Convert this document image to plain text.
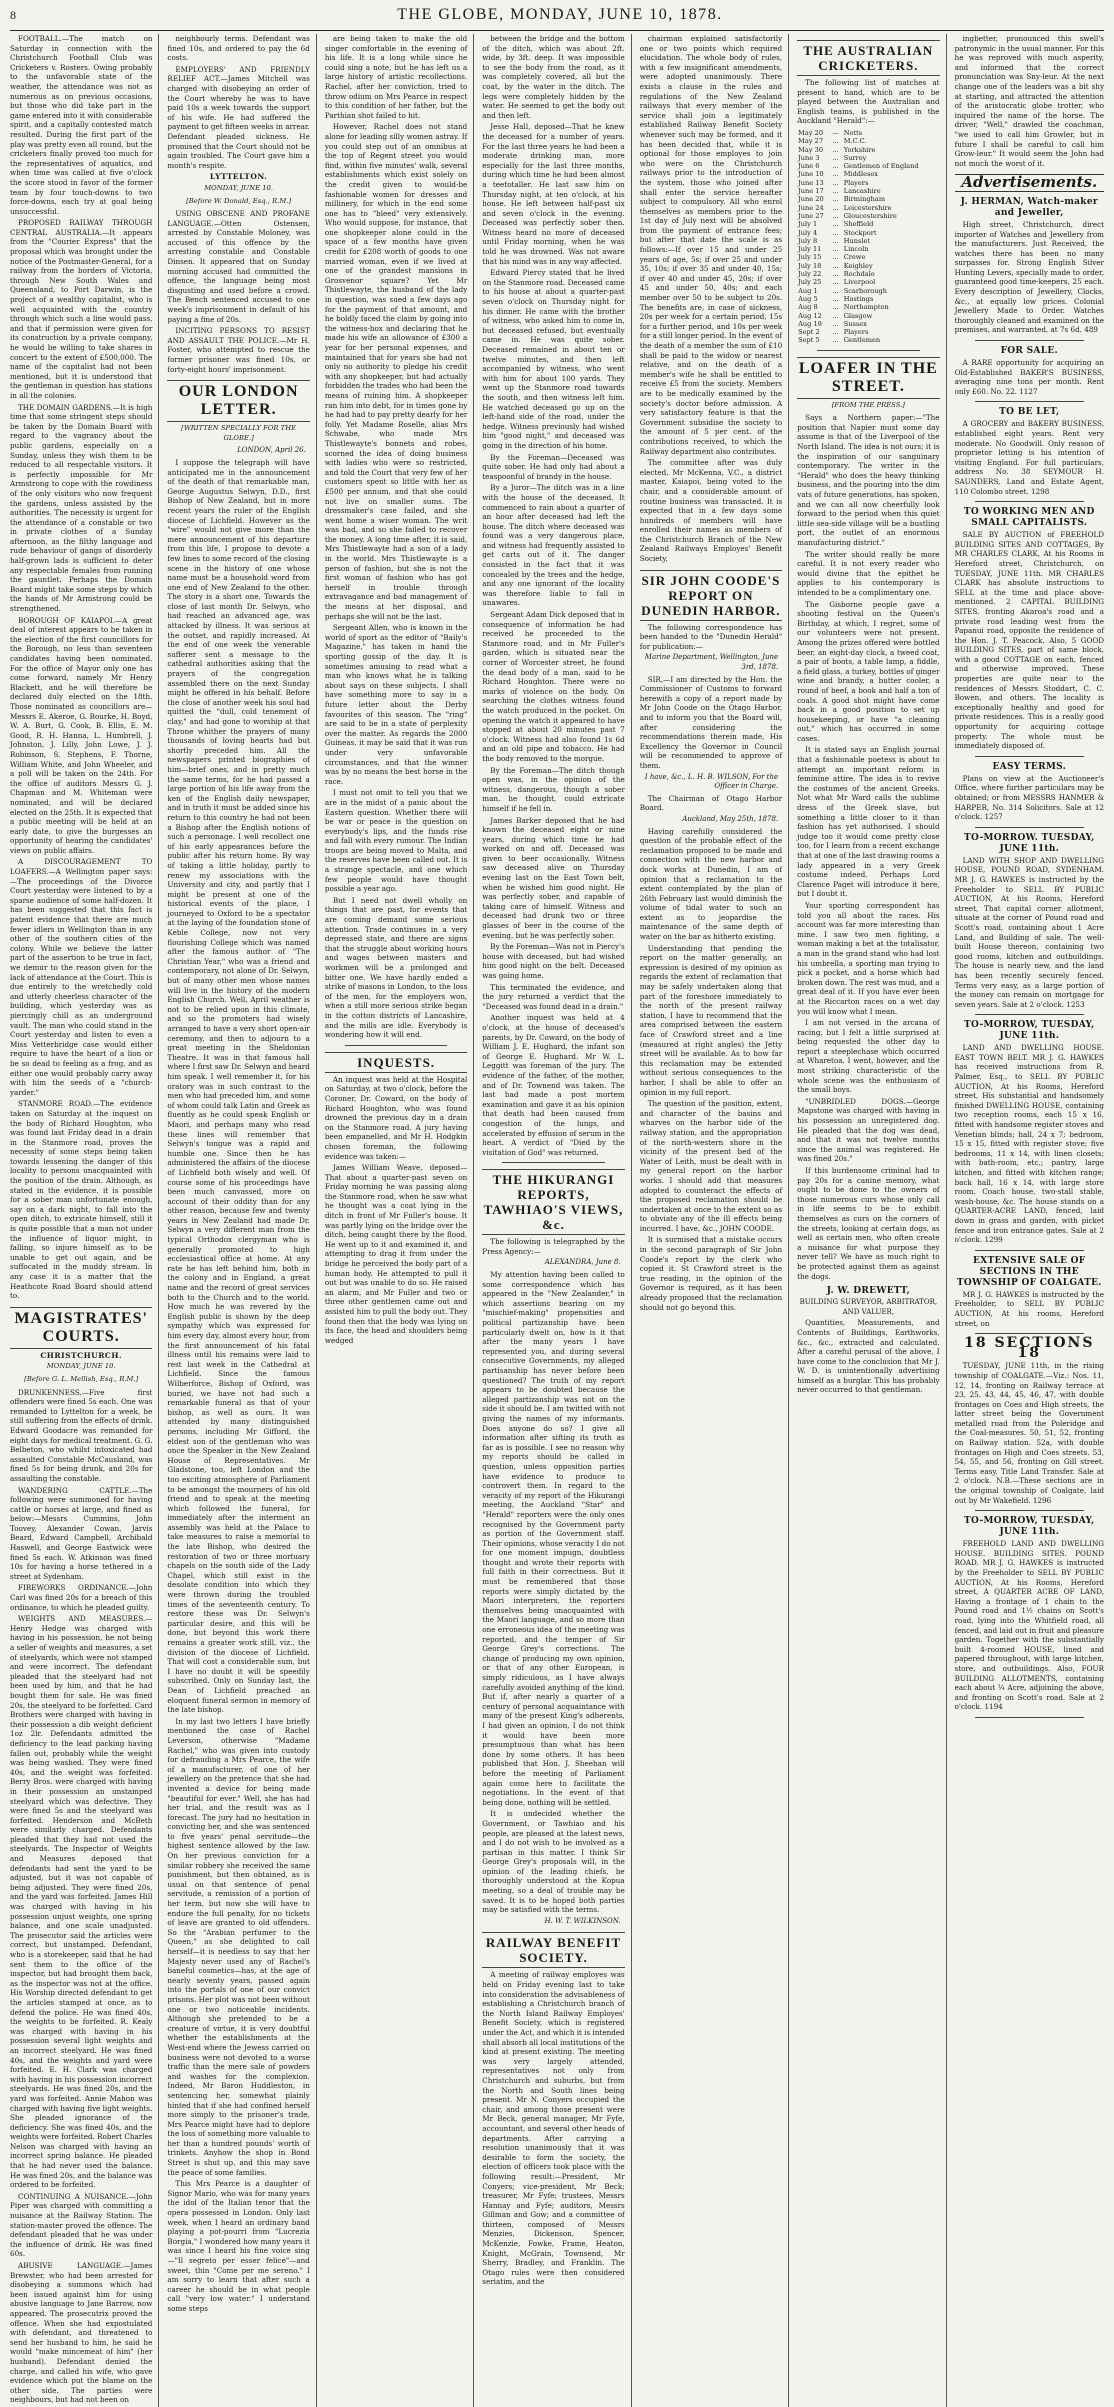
8	THE GLOBE, MONDAY, JUNE 10, 1878.

FOOTBALL.—The match on Saturday in connection with the Christchurch Football Club was Cricketers v. Rosters. Owing probably to the unfavorable state of the weather, the attendance was not as numerous as on previous occasions, but those who did take part in the game entered into it with considerable spirit, and a capitally contested match resulted. During the first part of the play was pretty even all round, but the cricketers finally proved too much for the representatives of aquatics, and when time was called at five o'clock the score stood in favor of the former team by four touch-downs to two force-downs, each try at goal being unsuccessful.

PROPOSED RAILWAY THROUGH CENTRAL AUSTRALIA.—It appears from the "Courier Express" that the proposal which was brought under the notice of the Postmaster-General, for a railway from the borders of Victoria, through New South Wales and Queensland, to Port Darwin, is the project of a wealthy capitalist, who is well acquainted with the country through which such a line would pass, and that if permission were given for its construction by a private company, he would be willing to take shares in concert to the extent of £500,000. The name of the capitalist had not been mentioned, but it is understood that the gentleman in question has stations in all the colonies.

THE DOMAIN GARDENS.—It is high time that some stringent steps should be taken by the Domain Board with regard to the vagrancy about the public gardens, especially on a Sunday, unless they wish them to be reduced to all respectable visitors. It is perfectly impossible for Mr Armstrong to cope with the rowdiness of the only visitors who now frequent the gardens, unless assisted by the authorities. The necessity is urgent for the attendance of a constable or two in private clothes of a Sunday afternoon, as the filthy language and rude behaviour of gangs of disorderly half-grown lads is sufficient to deter any respectable females from running the gauntlet. Perhaps the Domain Board might take some steps by which the hands of Mr Armstrong could be strengthened.

BOROUGH OF KAIAPOI.—A great deal of interest appears to be taken in the election of the first councillors for the Borough, no less than seventeen candidates having been nominated. For the office of Mayor only one has come forward, namely Mr Henry Blackett, and he will therefore be declared duly elected on the 18th. Those nominated as councillors are—Messrs E. Akeroe, G. Bourke, H. Boyd, W. A. Burt, G. Cook, B. Ellis, E. M. Good, R. H. Hanna, L. Humbrell, J. Johnston, J. Lilly, John Lowe, J. J. Robinson, S. Stephens, F. Thorne, William White, and John Wheeler, and a poll will be taken on the 24th. For the office of auditors Messrs G. J. Chapman and M. Whiteman were nominated, and will be declared elected on the 25th. It is expected that a public meeting will be held at an early date, to give the burgesses an opportunity of hearing the candidates' views on public affairs.

A DISCOURAGEMENT TO LOAFERS.—A Wellington paper says:—The proceedings of the Divorce Court yesterday were listened to by a sparse audience of some half-dozen. It has been suggested that this fact is patent evidence that there are much fewer idlers in Wellington than in any other of the southern cities of the colony. While we believe the latter part of the assertion to be true in fact, we demur to the reason given for the lack of attendance at the Court. This is due entirely to the wretchedly cold and utterly cheerless character of the building, which yesterday was as piercingly chill as an underground vault. The man who could stand in the Court yesterday and listen to even a Miss Vetterbridge case would either require to have the heart of a lion or be so dead to feeling as a frog, and as either one would probably carry away with him the seeds of a "church-yarder."

STANMORE ROAD.—The evidence taken on Saturday at the inquest on the body of Richard Houghton, who was found last Friday dead in a drain in the Stanmore road, proves the necessity of some steps being taken towards lessening the danger of this locality to persons unacquainted with the position of the drain. Although, as stated in the evidence, it is possible for a sober man unfortunate enough, say on a dark night, to fall into the open ditch, to extricate himself, still it is quite possible that a man not under the influence of liquor might, in falling, so injure himself as to be unable to get out again, and be suffocated in the muddy stream. In any case it is a matter that the Heathcote Road Board should attend to.

MAGISTRATES' COURTS.
CHRISTCHURCH.
MONDAY, JUNE 10.
[Before G. L. Mellish, Esq., R.M.]

DRUNKENNESS.—Five first offenders were fined 5s each. One was remanded to Lyttelton for a week, he still suffering from the effects of drink. Edward Goodacre was remanded for eight days for medical treatment. G. G. Belbeton, who whilst intoxicated had assaulted Constable McCausland, was fined 5s for being drunk, and 20s for assaulting the constable.

WANDERING CATTLE.—The following were summoned for having cattle or horses at large, and fined as below:—Messrs Cummins, John Toovey, Alexander Cowan, Jarvis Beard, Edward Campbell, Archibald Haswell, and George Eastwick were fined 5s each. W. Atkinson was fined 10s for having a horse tethered in a street at Sydenham.

FIREWORKS ORDINANCE.—John Carl was fined 20s for a breach of this ordinance, to which he pleaded guilty.

WEIGHTS AND MEASURES.—Henry Hedge was charged with having in his possession, he not being a seller of weights and measures, a set of steelyards, which were not stamped and were incorrect. The defendant pleaded that the steelyard had not been used by him, and that he had bought them for sale. He was fined 20s, the steelyard to be forfeited. Card Brothers were charged with having in their possession a dib weight deficient 1oz 2lr. Defendants admitted the deficiency to the lead packing having fallen out, probably while the weight was being washed. They were fined 40s, and the weight was forfeited. Berry Bros. were charged with having in their possession an unstamped steelyard which was defective. They were fined 5s and the steelyard was forfeited. Henderson and McBeth were similarly charged. Defendants pleaded that they had not used the steelyards. The Inspector of Weights and Measures deposed that defendants had sent the yard to be adjusted, but it was not capable of being adjusted. They were fined 20s, and the yard was forfeited. James Hill was charged with having in his possession unjust weights, one spring balance, and one scale unadjusted. The prosecutor said the articles were correct, but unstamped. Defendant, who is a storekeeper, said that he had sent them to the office of the inspector, but had brought them back, as the inspector was not at the office. His Worship directed defendant to get the articles stamped at once, as to defend the police. He was fined 40s, the weights to be forfeited. R. Kealy was charged with having in his possession several light weights and an incorrect steelyard. He was fined 40s, and the weights and yard were forfeited. E. H. Clark was charged with having in his possession incorrect steelyards. He was fined 20s, and the yard was forfeited. Annie Mahon was charged with having five light weights. She pleaded ignorance of the deficiency. She was fined 40s, and the weights were forfeited. Robert Charles Nelson was charged with having an incorrect spring balance. He pleaded that he had never used the balance. He was fined 20s, and the balance was ordered to be forfeited.

CONTINUING A NUISANCE.—John Piper was charged with committing a nuisance at the Railway Station. The station-master proved the offence. The defendant pleaded that he was under the influence of drink. He was fined 60s.

ABUSIVE LANGUAGE.—James Brewster, who had been arrested for disobeying a summons which had been issued against him for using abusive language to Jane Barrow, now appeared. The prosecutrix proved the offence. When she had expostulated with defendant, and threatened to send her husband to him, he said he would "make mincemeat of him" (her husband). Defendant denied the charge, and called his wife, who gave evidence which put the blame on the other side. The parties were neighbours, but had not been on

neighbourly terms. Defendant was fined 10s, and ordered to pay the 6d costs.

EMPLOYERS' AND FRIENDLY RELIEF ACT.—James Mitchell was charged with disobeying an order of the Court whereby he was to have paid 10s a week towards the support of his wife. He had suffered the payment to get fifteen weeks in arrear. Defendant pleaded sickness. He promised that the Court should not be again troubled. The Court gave him a month's respite.

LYTTELTON.
MONDAY, JUNE 10.
[Before W. Donald, Esq., R.M.]

USING OBSCENE AND PROFANE LANGUAGE.—Otten Ostensen, arrested by Constable Moloney, was accused of this offence by the arresting constable and Constable Dinsen. It appeared that on Sunday morning accused had committed the offence, the language being most disgusting and used before a crowd. The Bench sentenced accused to one week's imprisonment in default of his paying a fine of 20s.

INCITING PERSONS TO RESIST AND ASSAULT THE POLICE.—Mr H. Foster, who attempted to rescue the former prisoner was fined 10s, or forty-eight hours' imprisonment.

OUR LONDON LETTER.
[WRITTEN SPECIALLY FOR THE GLOBE.]
LONDON, April 26.

I suppose the telegraph will have anticipated me in the announcement of the death of that remarkable man, George Augustus Selwyn, D.D., first Bishop of New Zealand, but in more recent years the ruler of the English diocese of Lichfield. However as the "wire" would not give more than the mere announcement of his departure from this life, I propose to devote a few lines to some record of the closing scene in the history of one whose name must be a household word from one end of New Zealand to the other. The story is a short one. Towards the close of last month Dr. Selwyn, who had reached an advanced age, was attacked by illness. It was serious at the outset, and rapidly increased. At the end of one week the venerable sufferer sent a message to the cathedral authorities asking that the prayers of the congregation assembled there on the next Sunday might be offered in his behalf. Before the close of another week his soul had quitted the "dull, cold tenement of clay," and had gone to worship at that Throne whither the prayers of many thousands of loving hearts had but shortly preceded him. All the newspapers printed biographies of him—brief ones, and in pretty much the same terms, for he had passed a large portion of his life away from the ken of the English daily newspaper, and in truth it must be added since his return to this country he had not been a Bishop after the English notions of such a personage. I well recollect one of his early appearances before the public after his return home. By way of taking a little holiday, partly to renew my associations with the University and city, and partly that I might be present at one of the historical events of the place, I journeyed to Oxford to be a spectator at the laying of the foundation stone of Keble College, now not very flourishing College which was named after the famous author of "The Christian Year," who was a friend and contemporary, not alone of Dr. Selwyn, but of many other men whose names will live in the history of the modern English Church. Well, April weather is not to be relied upon in this climate, and so the promoters had wisely arranged to have a very short open-air ceremony, and then to adjourn to a great meeting in the Sheldonian Theatre. It was in that famous hall where I first saw Dr. Selwyn and heard him speak. I well remember it, for his oratory was in such contrast to the men who had preceded him, and some of whom could talk Latin and Greek as fluently as he could speak English or Maori, and perhaps many who read these lines will remember that Selwyn's tongue was a rapid and humble one. Since then he has administered the affairs of the diocese of Lichfield both wisely and well. Of course some of his proceedings have been much canvassed, more on account of their oddity than for any other reason, because few and twenty years in New Zealand had made Dr. Selwyn a very different man from the typical Orthodox clergyman who is generally promoted to high ecclesiastical office at home. At any rate he has left behind him, both in the colony and in England, a great name and the record of great services both to the Church and to the world. How much he was revered by the English public is shown by the deep sympathy which was expressed for him every day, almost every hour, from the first announcement of his fatal illness until his remains were laid to rest last week in the Cathedral at Lichfield. Since the famous Wilberforce, Bishop of Oxford, was buried, we have not had such a remarkable funeral as that of your bishop, as well as ours. It was attended by many distinguished persons, including Mr Gifford, the eldest son of the gentleman who was once the Speaker in the New Zealand House of Representatives. Mr Gladstone, too, left London and the too exciting atmosphere of Parliament to be amongst the mourners of his old friend and to speak at the meeting which followed the funeral, for immediately after the interment an assembly was held at the Palace to take measures to raise a memorial to the late Bishop, who desired the restoration of two or three mortuary chapels on the south side of the Lady Chapel, which still exist in the desolate condition into which they were thrown during the troubled times of the seventeenth century. To restore these was Dr. Selwyn's particular desire, and this will be done, but beyond this work there remains a greater work still, viz., the division of the diocese of Lichfield. That will cost a considerable sum, but I have no doubt it will be speedily subscribed. Only on Sunday last, the Dean of Lichfield preached an eloquent funeral sermon in memory of the late bishop.

In my last two letters I have briefly mentioned the case of Rachel Leverson, otherwise "Madame Rachel," who was given into custody for defrauding a Mrs Pearce, the wife of a manufacturer, of one of her jewellery on the pretence that she had invented a device for being made "beautiful for ever." Well, she has had her trial, and the result was as I forecast. The jury had no hesitation in convicting her, and she was sentenced to five years' penal servitude—the highest sentence allowed by the law. On her previous conviction for a similar robbery she received the same punishment, but then obtained, as is usual on that sentence of penal servitude, a remission of a portion of her term, but now she will have to endure the full penalty, for no tickets of leave are granted to old offenders. So the "Arabian perfumer to the Queen," as she delighted to call herself—it is needless to say that her Majesty never used any of Rachel's baneful cosmetics—has, at the age of nearly seventy years, passed again into the portals of one of our convict prisons. Her plot was not been without one or two noticeable incidents. Although she pretended to be a creature of virtue, it is very doubtful whether the establishments at the West-end where the Jewess carried on business were not devoted to a worse traffic than the mere sale of powders and washes for the complexion. Indeed, Mr Baron Huddleston, in sentencing her, somewhat plainly hinted that if she had confined herself more simply to the prisoner's trade, Mrs Pearce might have had to deplore the loss of something more valuable to her than a hundred pounds' worth of trinkets. Anyhow the shop in Bond Street is shut up, and this may save the peace of some families.

This Mrs Pearce is a daughter of Signor Mario, who was for many years the idol of the Italian tenor that the opera possessed in London. Only last week, when I heard an ordinary band playing a pot-pourri from "Lucrezia Borgia," I wondered how many years it was since I heard his fine voice sing—"Il segreto per esser felice"—and sweet, thin "Come per me sereno." I am sorry to learn that after such a career he should be in what people call "very low water." I understand some steps

are being taken to make the old singer comfortable in the evening of his life. It is a long while since he could sing a note, but he has left us a large history of artistic recollections. Rachel, after her conviction, tried to throw odium on Mrs Pearce in respect to this condition of her father, but the Parthian shot failed to hit.

However, Rachel does not stand alone for leading silly women astray. If you could step out of an omnibus at the top of Regent street you would find, within five minutes' walk, several establishments which exist solely on the credit given to would-be fashionable women for dresses and millinery, for which in the end some one has to "bleed" very extensively. Who would suppose, for instance, that one shopkeeper alone could in the space of a few months have given credit for £208 worth of goods to one married woman, even if we lived at one of the grandest mansions in Grosvenor square? Yet Mr Thistlewayte, the husband of the lady in question, was sued a few days ago for the payment of that amount, and he boldly faced the claim by going into the witness-box and declaring that he made his wife an allowance of £300 a year for her personal expenses, and maintained that for years she had not only no authority to pledge his credit with any shopkeeper, but had actually forbidden the trades who had been the means of ruining him. A shopkeeper ran him into debt, for in times gone by he had had to pay pretty dearly for her folly. Yet Madame Roselle, alias Mrs Schwabe, who made Mrs Thistlewayte's bonnets and robes, scorned the idea of doing business with ladies who were so restricted, and told the Court that very few of her customers spent so little with her as £500 per annum, and that she could not live on smaller sums. The dressmaker's case failed, and she went home a wiser woman. The writ was bad, and so she failed to recover the money. A long time after, it is said, Mrs Thistlewayte had a son of a lady in the world. Mrs Thistlewayte is a person of fashion, but she is not the first woman of fashion who has got herself in trouble through extravagance and bad management of the means at her disposal, and perhaps she will not be the last.

Sergeant Allen, who is known in the world of sport as the editor of "Baily's Magazine," has taken in hand the sporting gossip of the day. It is sometimes amusing to read what a man who knows what he is talking about says on these subjects. I shall have something more to say in a future letter about the Derby favourites of this season. The "ring" are said to be in a state of perplexity over the matter. As regards the 2000 Guineas, it may be said that it was run under very unfavorable circumstances, and that the winner was by no means the best horse in the race.

I must not omit to tell you that we are in the midst of a panic about the Eastern question. Whether there will be war or peace is the question on everybody's lips, and the funds rise and fall with every rumour. The Indian troops are being moved to Malta, and the reserves have been called out. It is a strange spectacle, and one which few people would have thought possible a year ago.

But I need not dwell wholly on things that are past, for events that are coming demand some serious attention. Trade continues in a very depressed state, and there are signs that the struggle about working hours and wages between masters and workmen will be a prolonged and bitter one. We have hardly ended a strike of masons in London, to the loss of the men, for the employers won, when a still more serious strike began in the cotton districts of Lancashire, and the mills are idle. Everybody is wondering how it will end.

INQUESTS.

An inquest was held at the Hospital on Saturday, at two o'clock, before the Coroner, Dr. Coward, on the body of Richard Houghton, who was found drowned the previous day in a drain on the Stanmore road. A jury having been empanelled, and Mr H. Hodgkin chosen foreman, the following evidence was taken:—

James William Weave, deposed—That about a quarter-past seven on Friday morning he was passing along the Stanmore road, when he saw what he thought was a coat lying in the ditch in front of Mr Fuller's house. It was partly lying on the bridge over the ditch, being caught there by the flood. He went up to it and examined it, and attempting to drag it from under the bridge he perceived the body part of a human body. He attempted to pull it out but was unable to do so. He raised an alarm, and Mr Fuller and two or three other gentlemen came out and assisted him to pull the body out. They found then that the body was lying on its face, the head and shoulders being wedged

between the bridge and the bottom of the ditch, which was about 2ft. wide, by 3ft. deep. It was impossible to see the body from the road, as it was completely covered, all but the coat, by the water in the ditch. The legs were completely hidden by the water. He seemed to get the body out and then left.

Jesse Hall, deposed—That he knew the deceased for a number of years. For the last three years he had been a moderate drinking man, more especially for the last three months, during which time he had been almost a teetotaller. He last saw him on Thursday night, at ten o'clock, at his house. He left between half-past six and seven o'clock in the evening. Deceased was perfectly sober then. Witness heard no more of deceased until Friday morning, when he was told he was drowned. Was not aware that his mind was in any way affected.

Edward Piercy stated that he lived on the Stanmore road. Deceased came to his house at about a quarter-past seven o'clock on Thursday night for his dinner. He came with the brother of witness, who asked him to come in, but deceased refused, but eventually came in. He was quite sober. Deceased remained in about ten or twelve minutes, and then left accompanied by witness, who went with him for about 100 yards. They went up the Stanmore road towards the south, and then witness left him. He watched deceased go up on the left-hand side of the road, under the hedge. Witness previously had wished him "good night," and deceased was going in the direction of his home.

By the Foreman—Deceased was quite sober. He had only had about a teaspoonful of brandy in the house.

By a Juror—The ditch was in a line with the house of the deceased. It commenced to rain about a quarter of an hour after deceased had left the house. The ditch where deceased was found was a very dangerous place, and witness had frequently assisted to get carts out of it. The danger consisted in the fact that it was concealed by the trees and the hedge, and any one ignorant of the locality was therefore liable to fall in unawares.

Sergeant Adam Dick deposed that in consequence of information he had received he proceeded to the Stanmore road, and in Mr Fuller's garden, which is situated near the corner of Worcester street, he found the dead body of a man, said to be Richard Houghton. There were no marks of violence on the body. On searching the clothes witness found the watch produced in the pocket. On opening the watch it appeared to have stopped at about 20 minutes past 7 o'clock. Witness had also found 1s 6d and an old pipe and tobacco. He had the body removed to the morgue.

By the Foreman—The ditch though open was, in the opinion of the witness, dangerous, though a sober man, he thought, could extricate himself if he fell in.

James Barker deposed that he had known the deceased eight or nine years, during which time he had worked on and off. Deceased was given to beer occasionally. Witness saw deceased alive on Thursday evening last on the East Town belt, when he wished him good night. He was perfectly sober, and capable of taking care of himself. Witness and deceased had drunk two or three glasses of beer in the course of the evening, but he was perfectly sober.

By the Foreman—Was not in Piercy's house with deceased, but had wished him good night on the belt. Deceased was going home.

This terminated the evidence, and the jury returned a verdict that the "Deceased was found dead in a drain."

Another inquest was held at 4 o'clock, at the house of deceased's parents, by Dr. Coward, on the body of William J. E. Hughard, the infant son of George E. Hughard. Mr W. L. Leggitt was foreman of the jury. The evidence of the father, of the mother, and of Dr. Townend was taken. The last had made a post mortem examination and gave it as his opinion that death had been caused from congestion of the lungs, and accelerated by effusion of serum in the heart. A verdict of "Died by the visitation of God" was returned.

THE HIKURANGI REPORTS, TAWHIAO'S VIEWS, &c.

The following is telegraphed by the Press Agency:—

ALEXANDRA, June 8.

My attention having been called to some correspondence which has appeared in the "New Zealander," in which assertions bearing on my "mischief-making" propensities and political partizanship have been particularly dwelt on, how is it that after the many years I have represented you, and during several consecutive Governments, my alleged partisanship has never before been questioned? The truth of my report appears to be doubted because the alleged partizanship was not on the side it should be. I am twitted with not giving the names of my informants. Does anyone do so? I give all information after sifting its truth as far as is possible. I see no reason why my reports should be called in question, unless opposition parties have evidence to produce to controvert them. In regard to the veracity of my report of the Hikurangi meeting, the Auckland "Star" and "Herald" reporters were the only ones recognised by the Government party as portion of the Government staff. Their opinions, whose veracity I do not for one moment impugn, doubtless thought and wrote their reports with full faith in their correctness. But it must be remembered that those reports were simply dictated by the Maori interpreters, the reporters themselves being unacquainted with the Maori language, and so more than one erroneous idea of the meeting was reported, and the temper of Sir George Grey's corrections. The change of producing my own opinion, or that of any other European, is simply ridiculous, as I have always carefully avoided anything of the kind. But if, after nearly a quarter of a century of personal acquaintance with many of the present King's adherents, I had given an opinion, I do not think it would have been more presumptuous than what has been done by some others. It has been published that Hon. J. Sheehan will before the meeting of Parliament again come here to facilitate the negotiations. In the event of that being done, nothing will be settled.

It is undecided whether the Government, or Tawhiao and his people, are pleased at the latest news, and I do not wish to be involved as a partisan in this matter. I think Sir George Grey's proposals will, in the opinion of the leading chiefs, be thoroughly understood at the Kopua meeting, so a deal of trouble may be saved. It is to be hoped both parties may be satisfied with the terms.

H. W. T. WILKINSON.
RAILWAY BENEFIT SOCIETY.

A meeting of railway employes was held on Friday evening last to take into consideration the advisableness of establishing a Christchurch branch of the North Island Railway Employes' Benefit Society, which is registered under the Act, and which it is intended shall absorb all local institutions of the kind at present existing. The meeting was very largely attended, representatives not only from Christchurch and suburbs, but from the North and South lines being present. Mr N. Conyers occupied the chair, and among those present were Mr Beck, general manager, Mr Fyfe, accountant, and several other heads of departments. After carrying a resolution unanimously that it was desirable to form the society, the election of officers took place with the following result:—President, Mr Conyers; vice-president, Mr Beck; treasurer, Mr Fyfe; trustees, Messrs Hannay and Fyfe; auditors, Messrs Gillman and Gow; and a committee of thirteen, composed of Messrs Menzies, Dickenson, Spencer, McKenzie, Fowke, Frame, Heaton, Knight, McGrain, Townsend, Mr Sherry, Bradley, and Franklin. The Otago rules were then considered seriatim, and the

chairman explained satisfactorily one or two points which required elucidation. The whole body of rules, with a few insignificant amendments, were adopted unanimously. There exists a clause in the rules and regulations of the New Zealand railways that every member of the service shall join a legitimately established Railway Benefit Society whenever such may be formed, and it has been decided that, while it is optional for those employes to join who were on the Christchurch railways prior to the introduction of the system, those who joined after shall enter the service hereafter subject to compulsory. All who enrol themselves as members prior to the 1st day of July next will be absolved from the payment of entrance fees; but after that date the scale is as follows:—If over 15 and under 25 years of age, 5s; if over 25 and under 35, 10s; if over 35 and under 40, 15s; if over 40 and under 45, 20s; if over 45 and under 50, 40s; and each member over 50 to be subject to 20s. The benefits are, in case of sickness, 20s per week for a certain period, 15s for a further period, and 10s per week for a still longer period. In the event of the death of a member the sum of £10 shall be paid to the widow or nearest relative, and on the death of a member's wife he shall be entitled to receive £5 from the society. Members are to be medically examined by the society's doctor before admission. A very satisfactory feature is that the Government subsidise the society to the amount of 5 per cent. of the contributions received, to which the Railway department also contributes.

The committee after was duly elected, Mr McKenna, V.C., a district master, Kaiapoi, being voted to the chair, and a considerable amount of routine business was transacted. It is expected that in a few days some hundreds of members will have enrolled their names as members of the Christchurch Branch of the New Zealand Railways Employes' Benefit Society.

SIR JOHN COODE'S REPORT ON DUNEDIN HARBOR.

The following correspondence has been handed to the "Dunedin Herald" for publication:—

Marine Department, Wellington, June 3rd, 1878.

SIR,—I am directed by the Hon. the Commissioner of Customs to forward herewith a copy of a report made by Mr John Coode on the Otago Harbor, and to inform you that the Board will, after considering the recommendations therein made, His Excellency the Governor in Council will be recommended to approve of them.

I have, &c., L. H. B. WILSON, For the Officer in Charge.

The Chairman of Otago Harbor Board.

Auckland, May 25th, 1878.

Having carefully considered the question of the probable effect of the reclamation proposed to be made and connection with the new harbor and dock works at Dunedin, I am of opinion that a reclamation to the extent contemplated by the plan of 26th February last would diminish the volume of tidal water to such an extent as to jeopardise the maintenance of the same depth of water on the bar as hitherto existing.

Understanding that pending the report on the matter generally, an expression is desired of my opinion as regards the extent of reclamation that may be safely undertaken along that part of the foreshore immediately to the north of the present railway station, I have to recommend that the area comprised between the eastern face of Crawford street and a line (measured at right angles) the Jetty street will be available. As to how far this reclamation may be extended without serious consequences to the harbor, I shall be able to offer an opinion in my full report.

The question of the position, extent, and character of the basins and wharves on the harbor side of the railway station, and the appropriation of the north-western shore in the vicinity of the present bed of the Water of Leith, must be dealt with in my general report on the harbor works. I should add that measures adopted to counteract the effects of the proposed reclamation should be undertaken at once to the extent so as to obviate any of the ill effects being incurred. I have, &c., JOHN COODE.

It is surmised that a mistake occurs in the second paragraph of Sir John Coode's report by the clerk who copied it. St Crawford street is the true reading, in the opinion of the Governor is required, as it has been already proposed that the reclamation should not go beyond this.

THE AUSTRALIAN CRICKETERS.

The following list of matches at present to hand, which are to be played between the Australian and English teams, is published in the Auckland "Herald":—

May 20	—	Notts
May 27	...	M.C.C.
May 30	...	Yorkshire
June 3	...	Surrey
June 6	...	Gentlemen of England
June 10	...	Middlesex
June 13	...	Players
June 17	...	Lancashire
June 20	...	Birmingham
June 24	...	Leicestershire
June 27	...	Gloucestershire
July 1	...	Sheffield
July 4	...	Stockport
July 8	...	Hunslet
July 11	...	Lincoln
July 15	...	Crewe
July 18	...	Keighley
July 22	...	Rochdale
July 25	...	Liverpool
Aug 1	...	Scarborough
Aug 5	...	Hastings
Aug 8	...	Northampton
Aug 12	...	Glasgow
Aug 19	...	Sussex
Sept 2	...	Players
Sept 5	...	Gentlemen
LOAFER IN THE STREET.
[FROM THE PRESS.]

Says a Northern paper:—"The position that Napier must some day assume is that of the Liverpool of the North Island. The idea is not ours; it is the inspiration of our sanguinary contemporary. The writer in the "Herald" who does the heavy thinking business, and the pouring into the dim vats of future generations, has spoken, and we can all now cheerfully look forward to the period when this quiet little sea-side village will be a bustling port, the outlet of an enormous manufacturing district."

The writer should really be more careful. It is not every reader who would divine that the epithet he applies to his contemporary is intended to be a complimentary one.

The Gisborne people gave a shooting festival on the Queen's Birthday, at which, I regret, some of our volunteers were not present. Among the prizes offered were bottled beer, an eight-day clock, a tweed coat, a pair of boots, a table lamp, a fiddle, a field glass, a turkey, bottles of ginger wine and brandy, a butter cooler, a round of beef, a book and half a ton of coals. A good shot might have come back in a good position to set up housekeeping, or have "a cleaning out," which has occurred in some cases.

It is stated says an English journal that a fashionable poetess is about to attempt an important reform in feminine attire. The idea is to revive the costumes of the ancient Greeks. Not what Mr Ward calls the sublime dress of the Greek slave, but something a little closer to it than fashion has yet authorised. I should judge too it would come pretty close too, for I learn from a recent exchange that at one of the last drawing rooms a lady appeared in a very Greek costume indeed. Perhaps Lord Clarence Paget will introduce it here, but I doubt it.

Your sporting correspondent has told you all about the races. His account was far more interesting than mine. I saw two men fighting, a woman making a bet at the totalisator, a man in the grand stand who had lost his umbrella, a sporting man trying to pick a pocket, and a horse which had broken down. The rest was mud, and a great deal of it. If you have ever been at the Riccarton races on a wet day you will know what I mean.

I am not versed in the arcana of racing, but I felt a little surprised at being requested the other day to report a steeplechase which occurred at Wharetoa. I went, however, and the most striking characteristic of the whole scene was the enthusiasm of the small boys.

"UNBRIDLED DOGS.—George Mapstone was charged with having in his possession an unregistered dog. He pleaded that the dog was dead, and that it was not twelve months since the animal was registered. He was fined 20s."

If this burdensome criminal had to pay 20s for a canine memory, what ought to be done to the owners of those numerous curs whose only call in life seems to be to exhibit themselves as curs on the corners of the streets, looking at certain dogs, as well as certain men, who often create a nuisance for what purpose they never tell? We have as much right to be protected against them as against the dogs.

J. W. DREWETT,
BUILDING SURVEYOR, ARBITRATOR, AND VALUER,

Quantities, Measurements, and Contents of Buildings, Earthworks, &c., &c., extracted and calculated. After a careful perusal of the above, I have come to the conclusion that Mr J. W. D. is unintentionally advertising himself as a burglar. This has probably never occurred to that gentleman.

ingbetter, pronounced this swell's patronymic in the usual manner. For this he was reproved with much asperity, and informed that the correct pronunciation was Sny-leur. At the next change one of the leaders was a bit shy at starting, and attracted the attention of the aristocratic globe trotter, who inquired the name of the horse. The driver, "Well," drawled the coachman, "we used to call him Growler, but in future I shall be careful to call him Grow-leur." It would seem the John had not much the worst of it.

Advertisements.
J. HERMAN, Watch-maker and Jeweller,

High street, Christchurch, direct importer of Watches and Jewellery from the manufacturers. Just Received, the watches there has been no many surpasses for. Strong English Silver Hunting Levers, specially made to order, guaranteed good time-keepers, 25 each. Every description of Jewellery, Clocks, &c., at equally low prices. Colonial Jewellery Made to Order. Watches thoroughly cleaned and examined on the premises, and warranted, at 7s 6d. 489

FOR SALE.

A RARE opportunity for acquiring an Old-Established BAKER'S BUSINESS, averaging nine tons per month. Rent only £60. No. 22. 1127

TO BE LET,

A GROCERY and BAKERY BUSINESS, established eight years. Rent very moderate. No Goodwill. Only reason of proprietor letting is his intention of visiting England. For full particulars, address No. 38 SEYMOUR H. SAUNDERS, Land and Estate Agent, 110 Colombo street. 1298

TO WORKING MEN AND SMALL CAPITALISTS.

SALE BY AUCTION of FREEHOLD BUILDING SITES AND COTTAGES, By MR CHARLES CLARK, At his Rooms in Hereford street, Christchurch, on TUESDAY, JUNE 11th. MR CHARLES CLARK has absolute instructions to SELL at the time and place above-mentioned. 2 CAPITAL BUILDING SITES, fronting Akaroa's road and a private road leading west from the Papanui road, opposite the residence of the Hon. J. T. Peacock. Also, 5 GOOD BUILDING SITES, part of same block, with a good COTTAGE on each, fenced and otherwise improved. These properties are quite near to the residences of Messrs Stoddart, C. C. Bowen, and others. The locality is exceptionally healthy and good for private residences. This is a really good opportunity for acquiring cottage property. The whole must be immediately disposed of.

EASY TERMS.

Plans on view at the Auctioneer's Office, where further particulars may be obtained; or from MESSRS HANMER & HARPER, No. 314 Solicitors. Sale at 12 o'clock. 1257

TO-MORROW. TUESDAY, JUNE 11th.

LAND WITH SHOP AND DWELLING HOUSE, POUND ROAD, SYDENHAM. MR J. G. HAWKES is instructed by the Freeholder to SELL BY PUBLIC AUCTION, At his Rooms, Hereford street, That capital corner allotment, situate at the corner of Pound road and Scott's road, containing about 1 Acre Land, and Building of sale. The well-built House thereon, containing two good rooms, kitchen and outbuildings. The house is nearly new, and the land has been recently securely fenced. Terms very easy, as a large portion of the money can remain on mortgage for seven years. Sale at 2 o'clock. 1253

TO-MORROW, TUESDAY, JUNE 11th.

LAND AND DWELLING HOUSE. EAST TOWN BELT. MR J. G. HAWKES has received instructions from R. Palmer, Esq., to SELL BY PUBLIC AUCTION, At his Rooms, Hereford street, His substantial and handsomely finished DWELLING HOUSE, containing two reception rooms, each 15 x 16, fitted with handsome register stoves and Venetian blinds; hall, 24 x 7; bedroom, 15 x 15, fitted with register stove; five bedrooms, 11 x 14, with linen closets; with bath-room, etc.; pantry, large kitchen, and fitted with kitchen range; back hall, 16 x 14, with large store room. Coach house, two-stall stable, wash-house, &c. The house stands on a QUARTER-ACRE LAND, fenced, laid down in grass and garden, with picket fence and iron entrance gates. Sale at 2 o'clock. 1299

EXTENSIVE SALE OF SECTIONS IN THE TOWNSHIP OF COALGATE.

MR J. G. HAWKES is instructed by the Freeholder, to SELL BY PUBLIC AUCTION, At his rooms, Hereford street, on

18 SECTIONS 18

TUESDAY, JUNE 11th, in the rising township of COALGATE.—Viz.: Nos. 11, 12, 14, fronting on Railway terrace at 23, 25. 43, 44, 45, 46, 47, with double frontages on Coes and High streets, the latter street being the Government metalled road from the Poleridge and the Coal-measures. 50, 51, 52, fronting on Railway station. 52a, with double frontages on High and Coes streets. 53, 54, 55, and 56, fronting on Gill street. Terms easy. Title Land Transfer. Sale at 2 o'clock. N.B.—These sections are in the original township of Coalgate, laid out by Mr Wakefield. 1296

TO-MORROW, TUESDAY, JUNE 11th.

FREEHOLD LAND AND DWELLING HOUSE. BUILDING SITES. POUND ROAD. MR J. G. HAWKES is instructed by the Freeholder to SELL BY PUBLIC AUCTION, At his Rooms, Hereford street, A QUARTER ACRE OF LAND, Having a frontage of 1 chain to the Pound road and 1½ chains on Scott's road, lying into the Whitfield road, all fenced, and laid out in fruit and pleasure garden. Together with the substantially built 4-roomed HOUSE, lined and papered throughout, with large kitchen, store, and outbuildings. Also, FOUR BUILDING ALLOTMENTS, containing each about ¼ Acre, adjoining the above, and fronting on Scott's road. Sale at 2 o'clock. 1194
